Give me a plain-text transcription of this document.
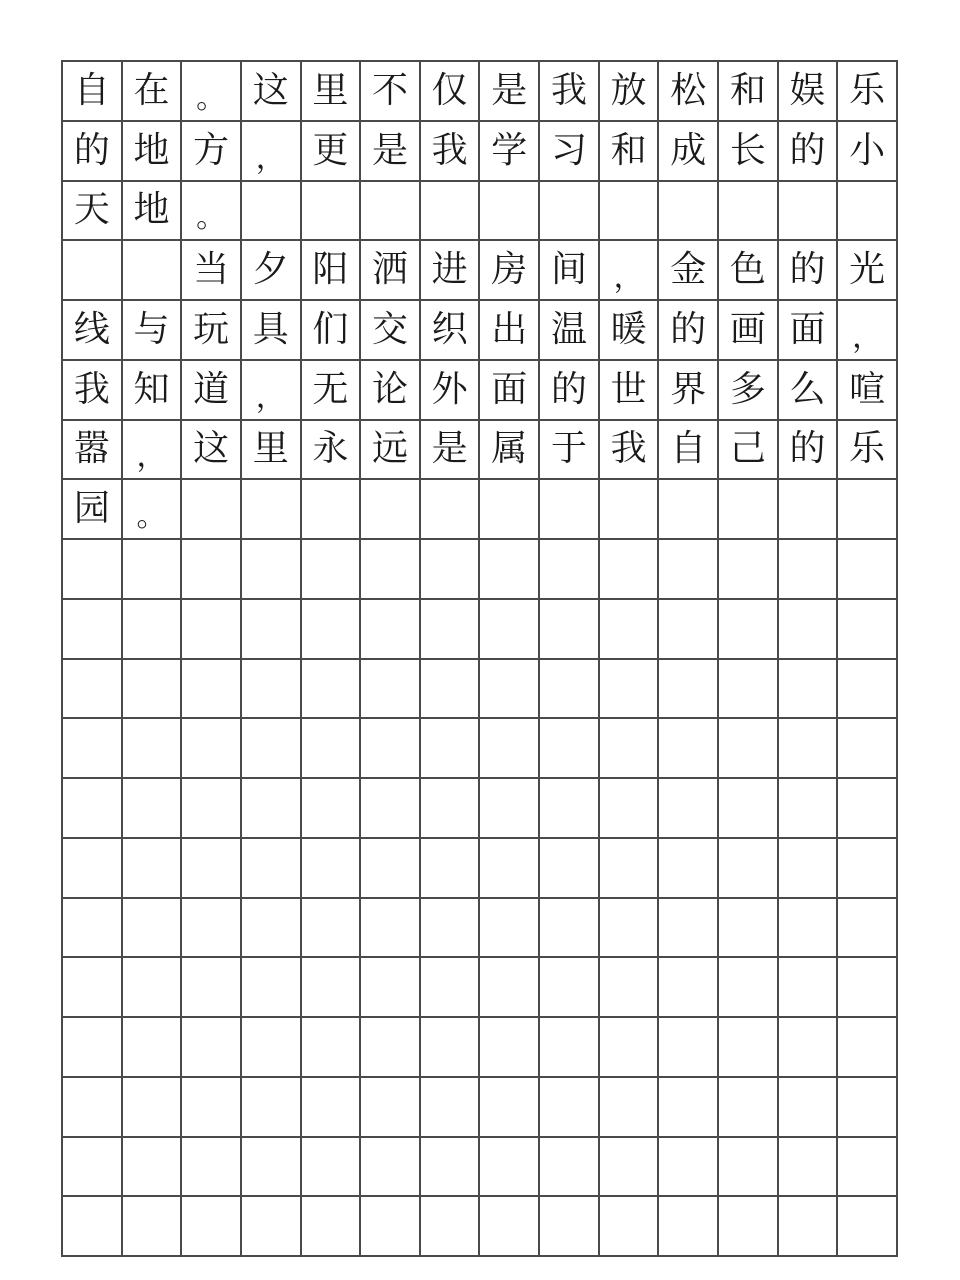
自 在 。 这 里 不 仅 是 我 放 松 和 娱 乐
的 地 方 ， 更 是 我 学 习 和 成 长 的 小
天 地 。
当 夕 阳 洒 进 房 间 ， 金 色 的 光
线 与 玩 具 们 交 织 出 温 暖 的 画 面 ，
我 知 道 ， 无 论 外 面 的 世 界 多 么 喧
嚣 ， 这 里 永 远 是 属 于 我 自 己 的 乐
园 。
